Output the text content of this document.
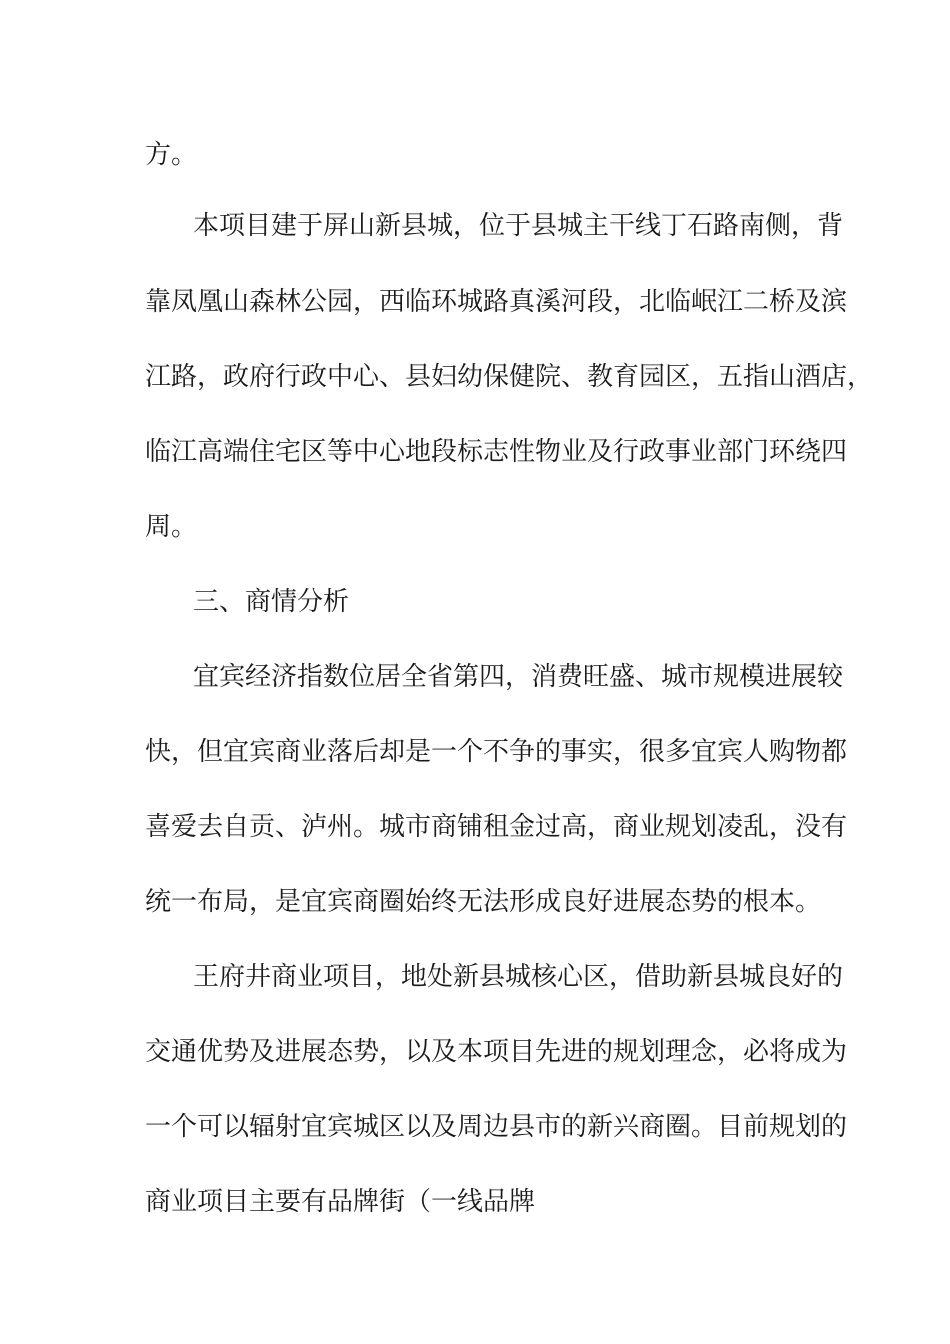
方。
本项目建于屏山新县城，位于县城主干线丁石路南侧，背
靠凤凰山森林公园，西临环城路真溪河段，北临岷江二桥及滨
江路，政府行政中心、县妇幼保健院、教育园区，五指山酒店，
临江高端住宅区等中心地段标志性物业及行政事业部门环绕四
周。
三、商情分析
宜宾经济指数位居全省第四，消费旺盛、城市规模进展较
快，但宜宾商业落后却是一个不争的事实，很多宜宾人购物都
喜爱去自贡、泸州。城市商铺租金过高，商业规划凌乱，没有
统一布局，是宜宾商圈始终无法形成良好进展态势的根本。
王府井商业项目，地处新县城核心区，借助新县城良好的
交通优势及进展态势，以及本项目先进的规划理念，必将成为
一个可以辐射宜宾城区以及周边县市的新兴商圈。目前规划的
商业项目主要有品牌街（一线品牌
